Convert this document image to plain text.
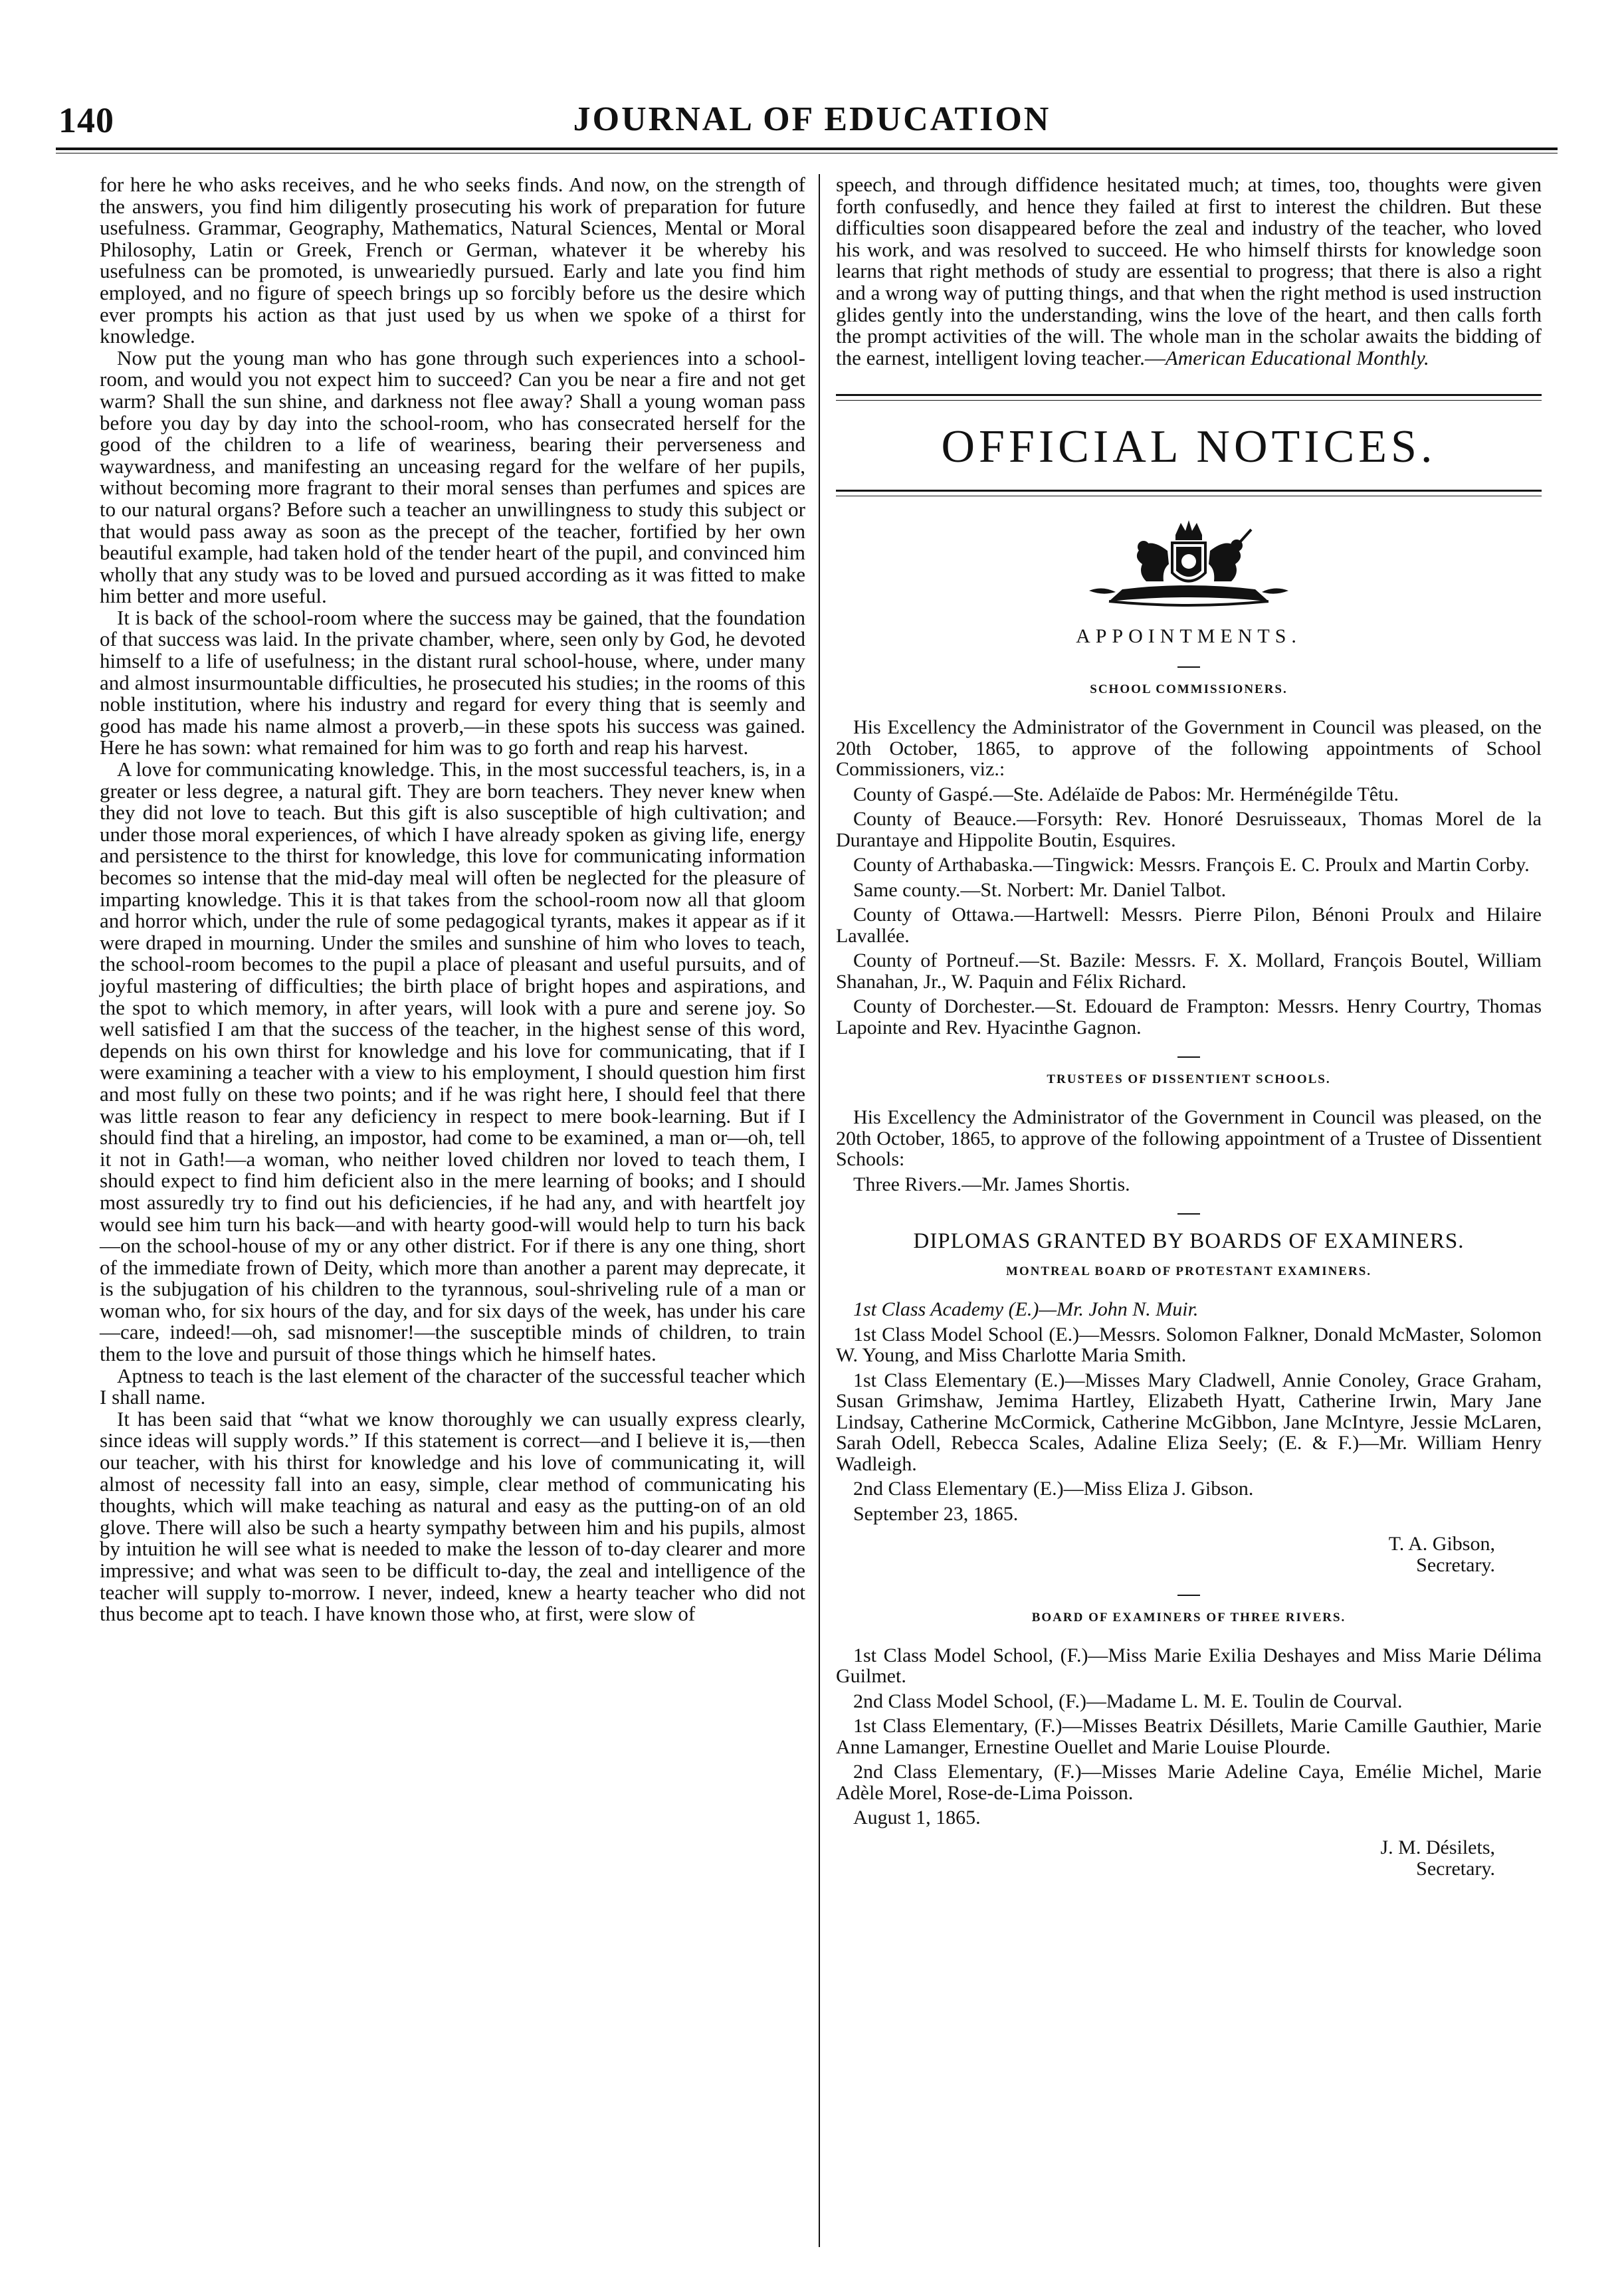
140	JOURNAL OF EDUCATION

for here he who asks receives, and he who seeks finds. And now, on the strength of the answers, you find him diligently prosecuting his work of preparation for future usefulness. Grammar, Geography, Mathematics, Natural Sciences, Mental or Moral Philosophy, Latin or Greek, French or German, whatever it be whereby his usefulness can be promoted, is unweariedly pursued. Early and late you find him employed, and no figure of speech brings up so forcibly before us the desire which ever prompts his action as that just used by us when we spoke of a thirst for knowledge.

Now put the young man who has gone through such experiences into a school-room, and would you not expect him to succeed? Can you be near a fire and not get warm? Shall the sun shine, and darkness not flee away? Shall a young woman pass before you day by day into the school-room, who has consecrated herself for the good of the children to a life of weariness, bearing their perverseness and waywardness, and manifesting an unceasing regard for the welfare of her pupils, without becoming more fragrant to their moral senses than perfumes and spices are to our natural organs? Before such a teacher an unwillingness to study this subject or that would pass away as soon as the precept of the teacher, fortified by her own beautiful example, had taken hold of the tender heart of the pupil, and convinced him wholly that any study was to be loved and pursued according as it was fitted to make him better and more useful.

It is back of the school-room where the success may be gained, that the foundation of that success was laid. In the private chamber, where, seen only by God, he devoted himself to a life of usefulness; in the distant rural school-house, where, under many and almost insurmountable difficulties, he prosecuted his studies; in the rooms of this noble institution, where his industry and regard for every thing that is seemly and good has made his name almost a proverb,—in these spots his success was gained. Here he has sown: what remained for him was to go forth and reap his harvest.

A love for communicating knowledge. This, in the most successful teachers, is, in a greater or less degree, a natural gift. They are born teachers. They never knew when they did not love to teach. But this gift is also susceptible of high cultivation; and under those moral experiences, of which I have already spoken as giving life, energy and persistence to the thirst for knowledge, this love for communicating information becomes so intense that the mid-day meal will often be neglected for the pleasure of imparting knowledge. This it is that takes from the school-room now all that gloom and horror which, under the rule of some pedagogical tyrants, makes it appear as if it were draped in mourning. Under the smiles and sunshine of him who loves to teach, the school-room becomes to the pupil a place of pleasant and useful pursuits, and of joyful mastering of difficulties; the birth place of bright hopes and aspirations, and the spot to which memory, in after years, will look with a pure and serene joy. So well satisfied I am that the success of the teacher, in the highest sense of this word, depends on his own thirst for knowledge and his love for communicating, that if I were examining a teacher with a view to his employment, I should question him first and most fully on these two points; and if he was right here, I should feel that there was little reason to fear any deficiency in respect to mere book-learning. But if I should find that a hireling, an impostor, had come to be examined, a man or—oh, tell it not in Gath!—a woman, who neither loved children nor loved to teach them, I should expect to find him deficient also in the mere learning of books; and I should most assuredly try to find out his deficiencies, if he had any, and with heartfelt joy would see him turn his back—and with hearty good-will would help to turn his back—on the school-house of my or any other district. For if there is any one thing, short of the immediate frown of Deity, which more than another a parent may deprecate, it is the subjugation of his children to the tyrannous, soul-shriveling rule of a man or woman who, for six hours of the day, and for six days of the week, has under his care—care, indeed!—oh, sad misnomer!—the susceptible minds of children, to train them to the love and pursuit of those things which he himself hates.

Aptness to teach is the last element of the character of the successful teacher which I shall name.

It has been said that “what we know thoroughly we can usually express clearly, since ideas will supply words.” If this statement is correct—and I believe it is,—then our teacher, with his thirst for knowledge and his love of communicating it, will almost of necessity fall into an easy, simple, clear method of communicating his thoughts, which will make teaching as natural and easy as the putting-on of an old glove. There will also be such a hearty sympathy between him and his pupils, almost by intuition he will see what is needed to make the lesson of to-day clearer and more impressive; and what was seen to be difficult to-day, the zeal and intelligence of the teacher will supply to-morrow. I never, indeed, knew a hearty teacher who did not thus become apt to teach. I have known those who, at first, were slow of

speech, and through diffidence hesitated much; at times, too, thoughts were given forth confusedly, and hence they failed at first to interest the children. But these difficulties soon disappeared before the zeal and industry of the teacher, who loved his work, and was resolved to succeed. He who himself thirsts for knowledge soon learns that right methods of study are essential to progress; that there is also a right and a wrong way of putting things, and that when the right method is used instruction glides gently into the understanding, wins the love of the heart, and then calls forth the prompt activities of the will. The whole man in the scholar awaits the bidding of the earnest, intelligent loving teacher.—American Educational Monthly.

OFFICIAL NOTICES.
APPOINTMENTS.
SCHOOL COMMISSIONERS.

His Excellency the Administrator of the Government in Council was pleased, on the 20th October, 1865, to approve of the following appointments of School Commissioners, viz.:

County of Gaspé.—Ste. Adélaïde de Pabos: Mr. Herménégilde Têtu.

County of Beauce.—Forsyth: Rev. Honoré Desruisseaux, Thomas Morel de la Durantaye and Hippolite Boutin, Esquires.

County of Arthabaska.—Tingwick: Messrs. François E. C. Proulx and Martin Corby.

Same county.—St. Norbert: Mr. Daniel Talbot.

County of Ottawa.—Hartwell: Messrs. Pierre Pilon, Bénoni Proulx and Hilaire Lavallée.

County of Portneuf.—St. Bazile: Messrs. F. X. Mollard, François Boutel, William Shanahan, Jr., W. Paquin and Félix Richard.

County of Dorchester.—St. Edouard de Frampton: Messrs. Henry Courtry, Thomas Lapointe and Rev. Hyacinthe Gagnon.

TRUSTEES OF DISSENTIENT SCHOOLS.

His Excellency the Administrator of the Government in Council was pleased, on the 20th October, 1865, to approve of the following appointment of a Trustee of Dissentient Schools:

Three Rivers.—Mr. James Shortis.

DIPLOMAS GRANTED BY BOARDS OF EXAMINERS.
MONTREAL BOARD OF PROTESTANT EXAMINERS.

1st Class Academy (E.)—Mr. John N. Muir.

1st Class Model School (E.)—Messrs. Solomon Falkner, Donald McMaster, Solomon W. Young, and Miss Charlotte Maria Smith.

1st Class Elementary (E.)—Misses Mary Cladwell, Annie Conoley, Grace Graham, Susan Grimshaw, Jemima Hartley, Elizabeth Hyatt, Catherine Irwin, Mary Jane Lindsay, Catherine McCormick, Catherine McGibbon, Jane McIntyre, Jessie McLaren, Sarah Odell, Rebecca Scales, Adaline Eliza Seely; (E. & F.)—Mr. William Henry Wadleigh.

2nd Class Elementary (E.)—Miss Eliza J. Gibson.

September 23, 1865.

T. A. Gibson,
Secretary.
BOARD OF EXAMINERS OF THREE RIVERS.

1st Class Model School, (F.)—Miss Marie Exilia Deshayes and Miss Marie Délima Guilmet.

2nd Class Model School, (F.)—Madame L. M. E. Toulin de Courval.

1st Class Elementary, (F.)—Misses Beatrix Désillets, Marie Camille Gauthier, Marie Anne Lamanger, Ernestine Ouellet and Marie Louise Plourde.

2nd Class Elementary, (F.)—Misses Marie Adeline Caya, Emélie Michel, Marie Adèle Morel, Rose-de-Lima Poisson.

August 1, 1865.

J. M. Désilets,
Secretary.
